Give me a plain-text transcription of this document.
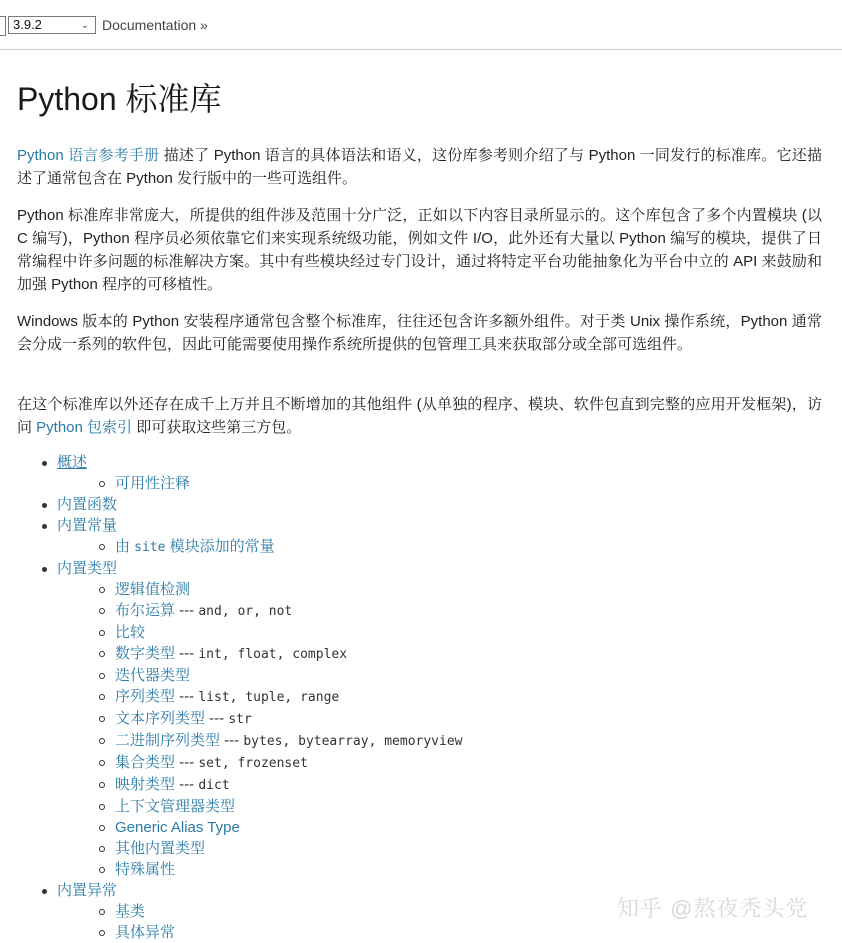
3.9.2	⌄ Documentation »
Python 标准库

Python 语言参考手册 描述了 Python 语言的具体语法和语义，这份库参考则介绍了与 Python 一同发行的标准库。它还描述了通常包含在 Python 发行版中的一些可选组件。

Python 标准库非常庞大，所提供的组件涉及范围十分广泛，正如以下内容目录所显示的。这个库包含了多个内置模块 (以 C 编写)，Python 程序员必须依靠它们来实现系统级功能，例如文件 I/O，此外还有大量以 Python 编写的模块，提供了日常编程中许多问题的标准解决方案。其中有些模块经过专门设计，通过将特定平台功能抽象化为平台中立的 API 来鼓励和加强 Python 程序的可移植性。

Windows 版本的 Python 安装程序通常包含整个标准库，往往还包含许多额外组件。对于类 Unix 操作系统，Python 通常会分成一系列的软件包，因此可能需要使用操作系统所提供的包管理工具来获取部分或全部可选组件。

在这个标准库以外还存在成千上万并且不断增加的其他组件 (从单独的程序、模块、软件包直到完整的应用开发框架)，访问 Python 包索引 即可获取这些第三方包。

概述
可用性注释
内置函数
内置常量
由 site 模块添加的常量
内置类型
逻辑值检测
布尔运算 --- and, or, not
比较
数字类型 --- int, float, complex
迭代器类型
序列类型 --- list, tuple, range
文本序列类型 --- str
二进制序列类型 --- bytes, bytearray, memoryview
集合类型 --- set, frozenset
映射类型 --- dict
上下文管理器类型
Generic Alias Type
其他内置类型
特殊属性
内置异常
基类
具体异常
知乎 @熬夜秃头党
